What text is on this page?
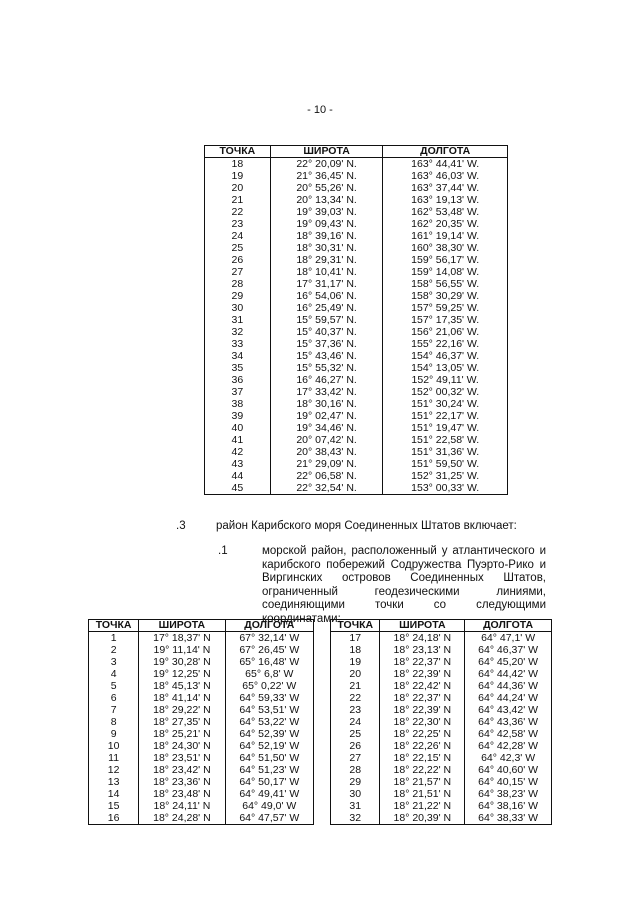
- 10 -
ТОЧКА	ШИРОТА	ДОЛГОТА
18	22° 20,09' N.	163° 44,41' W.
19	21° 36,45' N.	163° 46,03' W.
20	20° 55,26' N.	163° 37,44' W.
21	20° 13,34' N.	163° 19,13' W.
22	19° 39,03' N.	162° 53,48' W.
23	19° 09,43' N.	162° 20,35' W.
24	18° 39,16' N.	161° 19,14' W.
25	18° 30,31' N.	160° 38,30' W.
26	18° 29,31' N.	159° 56,17' W.
27	18° 10,41' N.	159° 14,08' W.
28	17° 31,17' N.	158° 56,55' W.
29	16° 54,06' N.	158° 30,29' W.
30	16° 25,49' N.	157° 59,25' W.
31	15° 59,57' N.	157° 17,35' W.
32	15° 40,37' N.	156° 21,06' W.
33	15° 37,36' N.	155° 22,16' W.
34	15° 43,46' N.	154° 46,37' W.
35	15° 55,32' N.	154° 13,05' W.
36	16° 46,27' N.	152° 49,11' W.
37	17° 33,42' N.	152° 00,32' W.
38	18° 30,16' N.	151° 30,24' W.
39	19° 02,47' N.	151° 22,17' W.
40	19° 34,46' N.	151° 19,47' W.
41	20° 07,42' N.	151° 22,58' W.
42	20° 38,43' N.	151° 31,36' W.
43	21° 29,09' N.	151° 59,50' W.
44	22° 06,58' N.	152° 31,25' W.
45	22° 32,54' N.	153° 00,33' W.
.3	район Карибского моря Соединенных Штатов включает:
.1	морской район, расположенный у атлантического и карибского побережий Содружества Пуэрто-Рико и Виргинских островов Соединенных Штатов, ограниченный геодезическими линиями, соединяющими точки со следующими координатами:
ТОЧКА	ШИРОТА	ДОЛГОТА
1	17° 18,37' N	67° 32,14' W
2	19° 11,14' N	67° 26,45' W
3	19° 30,28' N	65° 16,48' W
4	19° 12,25' N	65° 6,8' W
5	18° 45,13' N	65° 0,22' W
6	18° 41,14' N	64° 59,33' W
7	18° 29,22' N	64° 53,51' W
8	18° 27,35' N	64° 53,22' W
9	18° 25,21' N	64° 52,39' W
10	18° 24,30' N	64° 52,19' W
11	18° 23,51' N	64° 51,50' W
12	18° 23,42' N	64° 51,23' W
13	18° 23,36' N	64° 50,17' W
14	18° 23,48' N	64° 49,41' W
15	18° 24,11' N	64° 49,0' W
16	18° 24,28' N	64° 47,57' W
ТОЧКА	ШИРОТА	ДОЛГОТА
17	18° 24,18' N	64° 47,1' W
18	18° 23,13' N	64° 46,37' W
19	18° 22,37' N	64° 45,20' W
20	18° 22,39' N	64° 44,42' W
21	18° 22,42' N	64° 44,36' W
22	18° 22,37' N	64° 44,24' W
23	18° 22,39' N	64° 43,42' W
24	18° 22,30' N	64° 43,36' W
25	18° 22,25' N	64° 42,58' W
26	18° 22,26' N	64° 42,28' W
27	18° 22,15' N	64° 42,3' W
28	18° 22,22' N	64° 40,60' W
29	18° 21,57' N	64° 40,15' W
30	18° 21,51' N	64° 38,23' W
31	18° 21,22' N	64° 38,16' W
32	18° 20,39' N	64° 38,33' W
